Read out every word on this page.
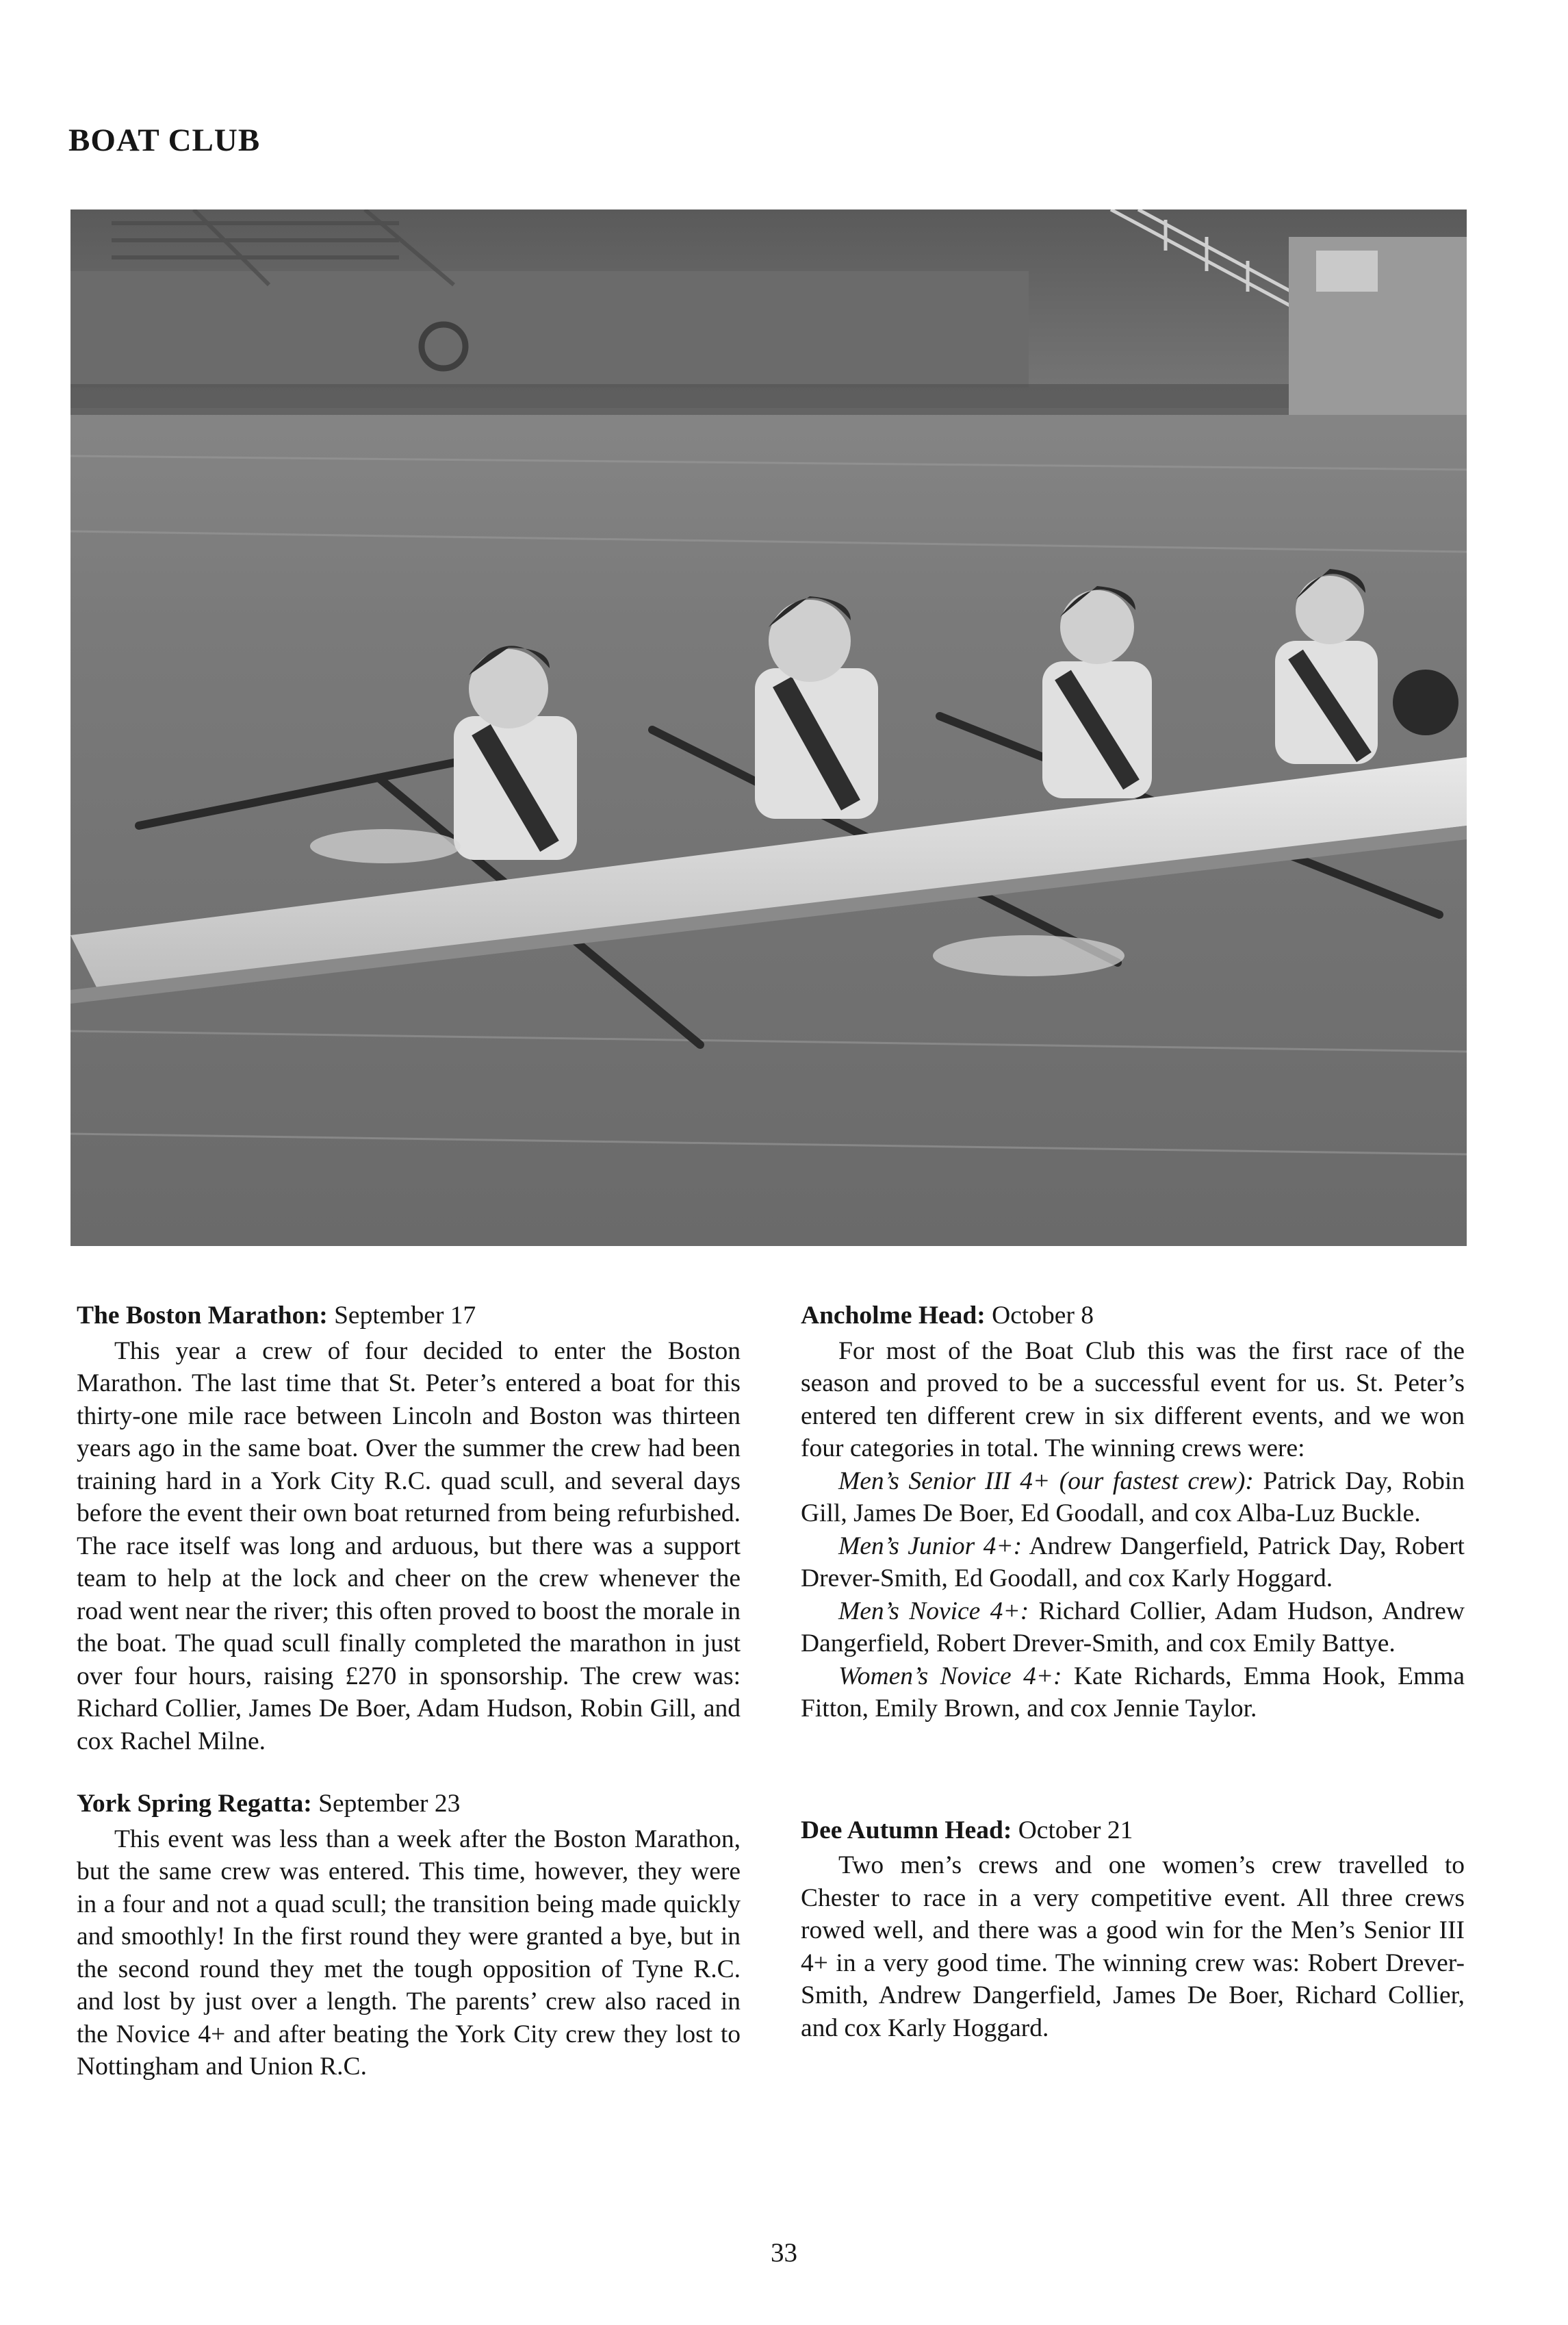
BOAT CLUB

The Boston Marathon: September 17

This year a crew of four decided to enter the Boston Marathon. The last time that St. Peter’s entered a boat for this thirty-one mile race between Lincoln and Boston was thirteen years ago in the same boat. Over the summer the crew had been training hard in a York City R.C. quad scull, and several days before the event their own boat returned from being refurbished. The race itself was long and arduous, but there was a support team to help at the lock and cheer on the crew whenever the road went near the river; this often proved to boost the morale in the boat. The quad scull finally completed the marathon in just over four hours, raising £270 in sponsorship. The crew was: Richard Collier, James De Boer, Adam Hudson, Robin Gill, and cox Rachel Milne.

York Spring Regatta: September 23

This event was less than a week after the Boston Marathon, but the same crew was entered. This time, however, they were in a four and not a quad scull; the transition being made quickly and smoothly! In the first round they were granted a bye, but in the second round they met the tough opposition of Tyne R.C. and lost by just over a length. The parents’ crew also raced in the Novice 4+ and after beating the York City crew they lost to Nottingham and Union R.C.

Ancholme Head: October 8

For most of the Boat Club this was the first race of the season and proved to be a successful event for us. St. Peter’s entered ten different crew in six different events, and we won four categories in total. The winning crews were:

Men’s Senior III 4+ (our fastest crew): Patrick Day, Robin Gill, James De Boer, Ed Goodall, and cox Alba-Luz Buckle.

Men’s Junior 4+: Andrew Dangerfield, Patrick Day, Robert Drever-Smith, Ed Goodall, and cox Karly Hoggard.

Men’s Novice 4+: Richard Collier, Adam Hudson, Andrew Dangerfield, Robert Drever-Smith, and cox Emily Battye.

Women’s Novice 4+: Kate Richards, Emma Hook, Emma Fitton, Emily Brown, and cox Jennie Taylor.

Dee Autumn Head: October 21

Two men’s crews and one women’s crew travelled to Chester to race in a very competitive event. All three crews rowed well, and there was a good win for the Men’s Senior III 4+ in a very good time. The winning crew was: Robert Drever-Smith, Andrew Dangerfield, James De Boer, Richard Collier, and cox Karly Hoggard.

33
